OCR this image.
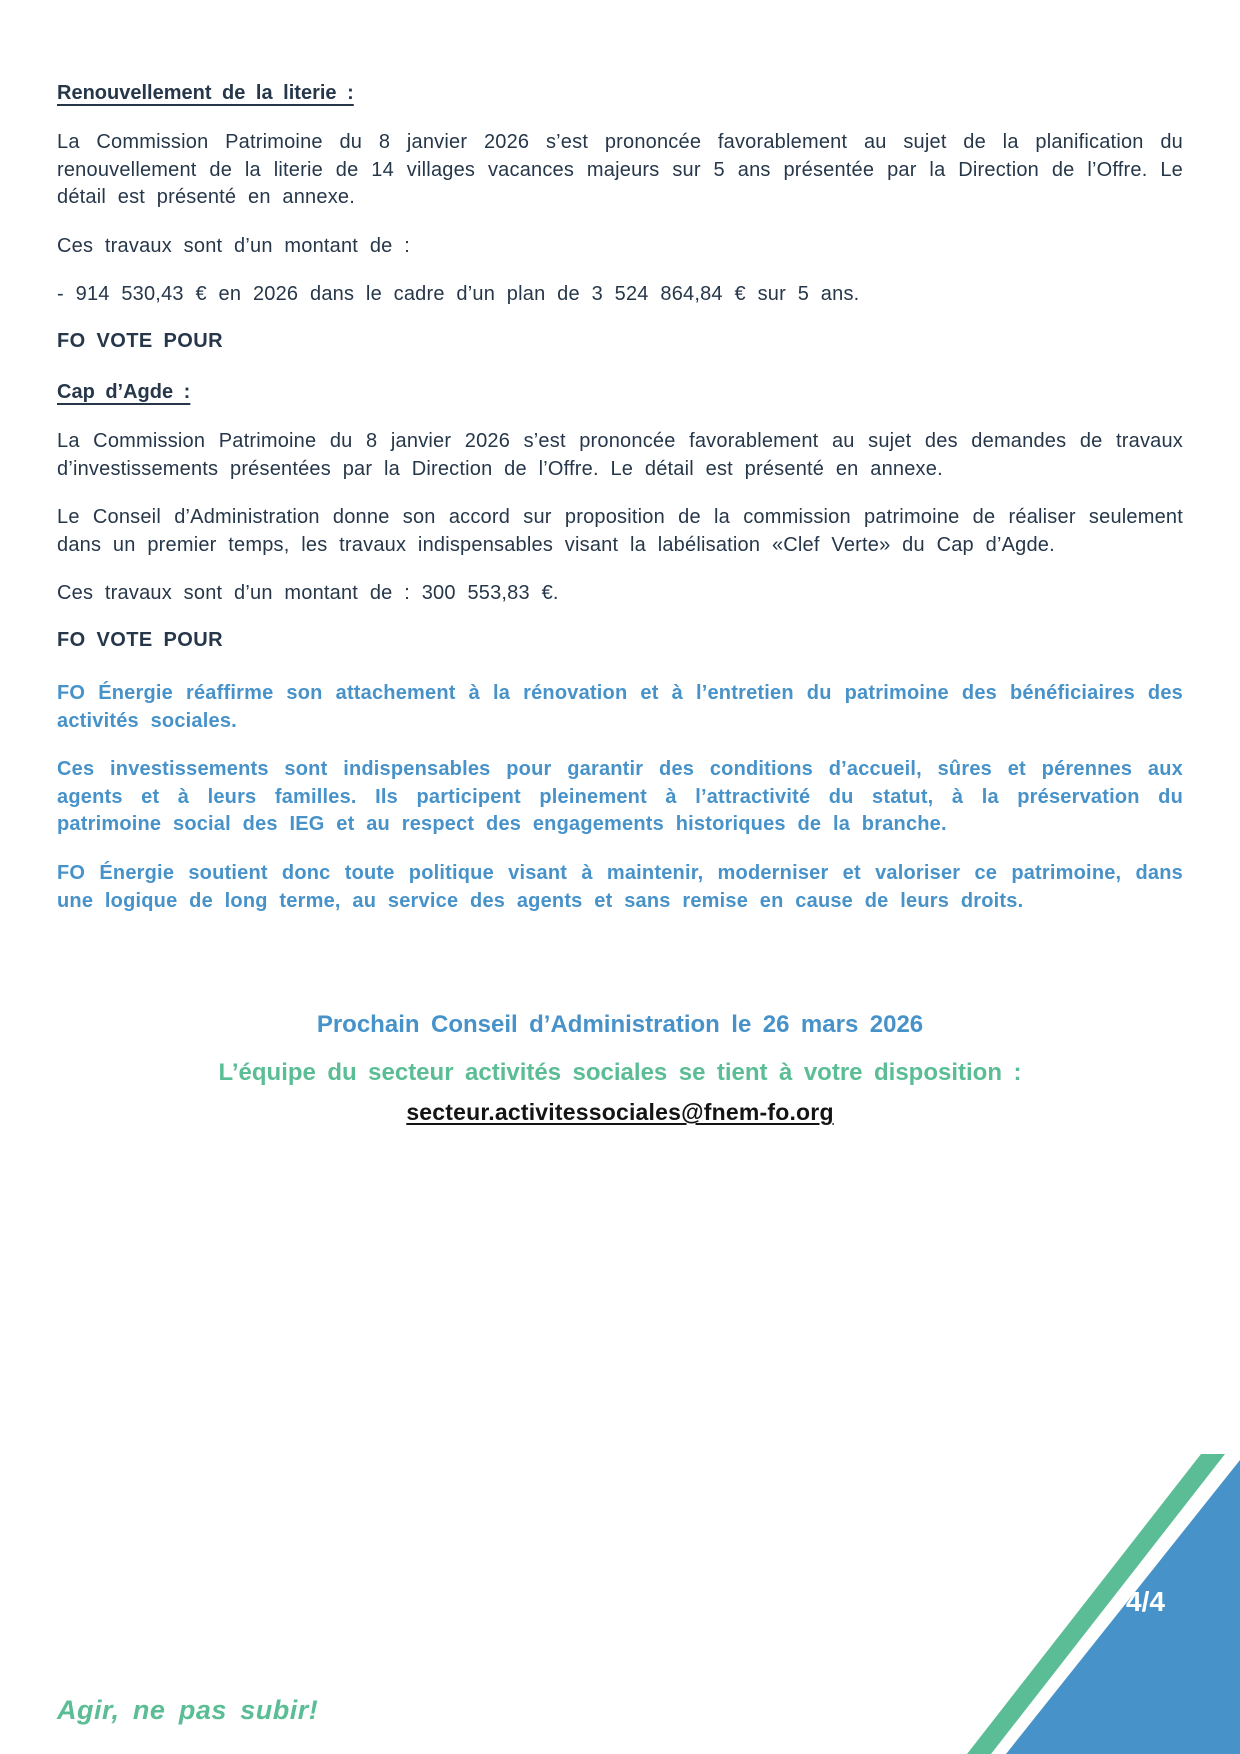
Renouvellement de la literie :

La Commission Patrimoine du 8 janvier 2026 s’est prononcée favorablement au sujet de la planification du renouvellement de la literie de 14 villages vacances majeurs sur 5 ans présentée par la Direction de l’Offre. Le détail est présenté en annexe.

Ces travaux sont d’un montant de :

- 914 530,43 € en 2026 dans le cadre d’un plan de 3 524 864,84 € sur 5 ans.

FO VOTE POUR

Cap d’Agde :

La Commission Patrimoine du 8 janvier 2026 s’est prononcée favorablement au sujet des demandes de travaux d’investissements présentées par la Direction de l’Offre. Le détail est présenté en annexe.

Le Conseil d’Administration donne son accord sur proposition de la commission patrimoine de réaliser seulement dans un premier temps, les travaux indispensables visant la labélisation «Clef Verte» du Cap d’Agde.

Ces travaux sont d’un montant de : 300 553,83 €.

FO VOTE POUR

FO Énergie réaffirme son attachement à la rénovation et à l’entretien du patrimoine des bénéficiaires des activités sociales.

Ces investissements sont indispensables pour garantir des conditions d’accueil, sûres et pérennes aux agents et à leurs familles. Ils participent pleinement à l’attractivité du statut, à la préservation du patrimoine social des IEG et au respect des engagements historiques de la branche.

FO Énergie soutient donc toute politique visant à maintenir, moderniser et valoriser ce patrimoine, dans une logique de long terme, au service des agents et sans remise en cause de leurs droits.

Prochain Conseil d’Administration le 26 mars 2026

L’équipe du secteur activités sociales se tient à votre disposition :

secteur.activitessociales@fnem-fo.org

Agir, ne pas subir!
4/4
